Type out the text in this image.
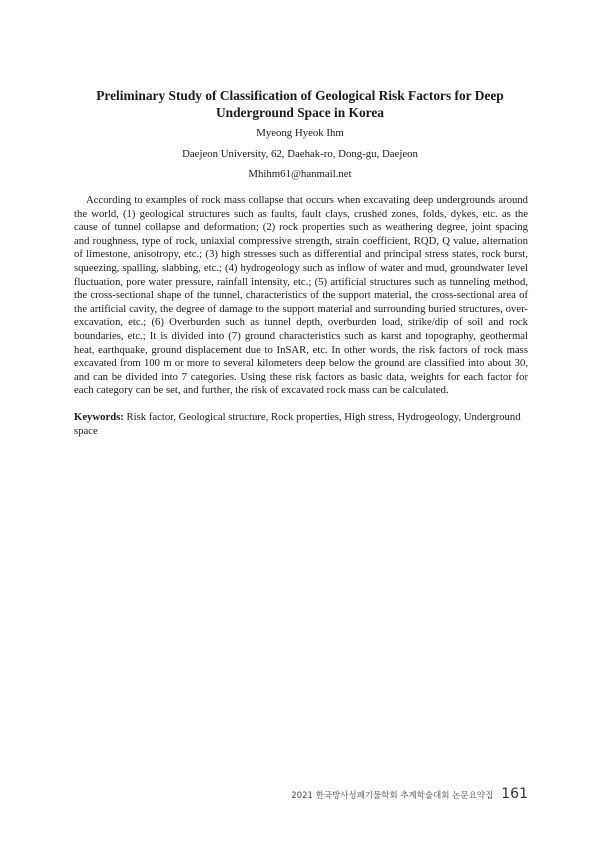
Preliminary Study of Classification of Geological Risk Factors for Deep Underground Space in Korea
Myeong Hyeok Ihm
Daejeon University, 62, Daehak-ro, Dong-gu, Daejeon
Mhihm61@hanmail.net

According to examples of rock mass collapse that occurs when excavating deep undergrounds around the world, (1) geological structures such as faults, fault clays, crushed zones, folds, dykes, etc. as the cause of tunnel collapse and deformation; (2) rock properties such as weathering degree, joint spacing and roughness, type of rock, uniaxial compressive strength, strain coefficient, RQD, Q value, alternation of limestone, anisotropy, etc.; (3) high stresses such as differential and principal stress states, rock burst, squeezing, spalling, slabbing, etc.; (4) hydrogeology such as inflow of water and mud, groundwater level fluctuation, pore water pressure, rainfall intensity, etc.; (5) artificial structures such as tunneling method, the cross-sectional shape of the tunnel, characteristics of the support material, the cross-sectional area of the artificial cavity, the degree of damage to the support material and surrounding buried structures, over-excavation, etc.; (6) Overburden such as tunnel depth, overburden load, strike/dip of soil and rock boundaries, etc.; It is divided into (7) ground characteristics such as karst and topography, geothermal heat, earthquake, ground displacement due to InSAR, etc. In other words, the risk factors of rock mass excavated from 100 m or more to several kilometers deep below the ground are classified into about 30, and can be divided into 7 categories. Using these risk factors as basic data, weights for each factor for each category can be set, and further, the risk of excavated rock mass can be calculated.

Keywords: Risk factor, Geological structure, Rock properties, High stress, Hydrogeology, Underground space

2021 한국방사성폐기물학회 추계학술대회 논문요약집 161
